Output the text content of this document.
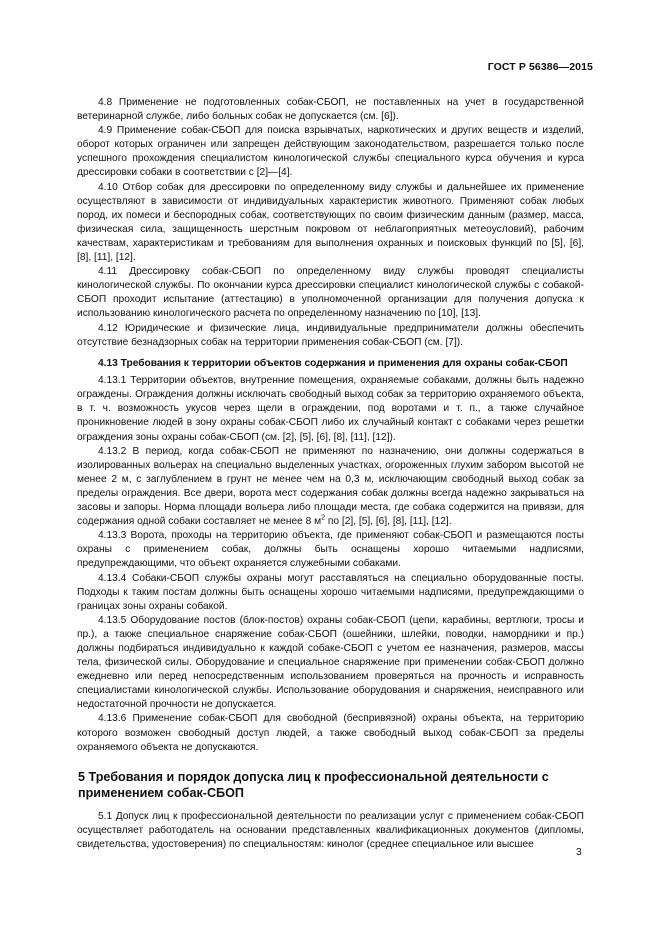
ГОСТ Р 56386—2015

4.8 Применение не подготовленных собак-СБОП, не поставленных на учет в государственной ветеринарной службе, либо больных собак не допускается (см. [6]).

4.9 Применение собак-СБОП для поиска взрывчатых, наркотических и других веществ и изделий, оборот которых ограничен или запрещен действующим законодательством, разрешается только после успешного прохождения специалистом кинологической службы специального курса обучения и курса дрессировки собаки в соответствии с [2]—[4].

4.10 Отбор собак для дрессировки по определенному виду службы и дальнейшее их применение осуществляют в зависимости от индивидуальных характеристик животного. Применяют собак любых пород, их помеси и беспородных собак, соответствующих по своим физическим данным (размер, масса, физическая сила, защищенность шерстным покровом от неблагоприятных метеоусловий), рабочим качествам, характеристикам и требованиям для выполнения охранных и поисковых функций по [5], [6], [8], [11], [12].

4.11 Дрессировку собак-СБОП по определенному виду службы проводят специалисты кинологической службы. По окончании курса дрессировки специалист кинологической службы с собакой-СБОП проходит испытание (аттестацию) в уполномоченной организации для получения допуска к использованию кинологического расчета по определенному назначению по [10], [13].

4.12 Юридические и физические лица, индивидуальные предприниматели должны обеспечить отсутствие безнадзорных собак на территории применения собак-СБОП (см. [7]).

4.13 Требования к территории объектов содержания и применения для охраны собак-СБОП

4.13.1 Территории объектов, внутренние помещения, охраняемые собаками, должны быть надежно ограждены. Ограждения должны исключать свободный выход собак за территорию охраняемого объекта, в т. ч. возможность укусов через щели в ограждении, под воротами и т. п., а также случайное проникновение людей в зону охраны собак-СБОП либо их случайный контакт с собаками через решетки ограждения зоны охраны собак-СБОП (см. [2], [5], [6], [8], [11], [12]).

4.13.2 В период, когда собак-СБОП не применяют по назначению, они должны содержаться в изолированных вольерах на специально выделенных участках, огороженных глухим забором высотой не менее 2 м, с заглублением в грунт не менее чем на 0,3 м, исключающим свободный выход собак за пределы ограждения. Все двери, ворота мест содержания собак должны всегда надежно закрываться на засовы и запоры. Норма площади вольера либо площади места, где собака содержится на привязи, для содержания одной собаки составляет не менее 8 $м^2$ по [2], [5], [6], [8], [11], [12].

4.13.3 Ворота, проходы на территорию объекта, где применяют собак-СБОП и размещаются посты охраны с применением собак, должны быть оснащены хорошо читаемыми надписями, предупреждающими, что объект охраняется служебными собаками.

4.13.4 Собаки-СБОП службы охраны могут расставляться на специально оборудованные посты. Подходы к таким постам должны быть оснащены хорошо читаемыми надписями, предупреждающими о границах зоны охраны собакой.

4.13.5 Оборудование постов (блок-постов) охраны собак-СБОП (цепи, карабины, вертлюги, тросы и пр.), а также специальное снаряжение собак-СБОП (ошейники, шлейки, поводки, намордники и пр.) должны подбираться индивидуально к каждой собаке-СБОП с учетом ее назначения, размеров, массы тела, физической силы. Оборудование и специальное снаряжение при применении собак-СБОП должно ежедневно или перед непосредственным использованием проверяться на прочность и исправность специалистами кинологической службы. Использование оборудования и снаряжения, неисправного или недостаточной прочности не допускается.

4.13.6 Применение собак-СБОП для свободной (беспривязной) охраны объекта, на территорию которого возможен свободный доступ людей, а также свободный выход собак-СБОП за пределы охраняемого объекта не допускаются.

5 Требования и порядок допуска лиц к профессиональной деятельности с применением собак-СБОП

5.1 Допуск лиц к профессиональной деятельности по реализации услуг с применением собак-СБОП осуществляет работодатель на основании представленных квалификационных документов (дипломы, свидетельства, удостоверения) по специальностям: кинолог (среднее специальное или высшее

3
